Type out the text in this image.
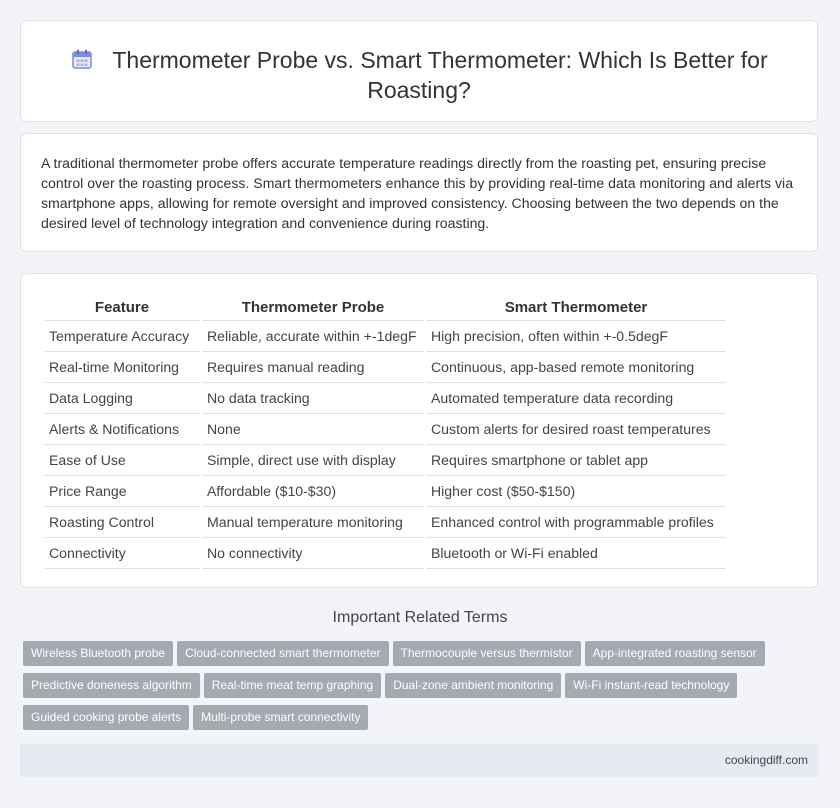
Thermometer Probe vs. Smart Thermometer: Which Is Better for Roasting?
A traditional thermometer probe offers accurate temperature readings directly from the roasting pet, ensuring precise control over the roasting process. Smart thermometers enhance this by providing real-time data monitoring and alerts via smartphone apps, allowing for remote oversight and improved consistency. Choosing between the two depends on the desired level of technology integration and convenience during roasting.
Feature	Thermometer Probe	Smart Thermometer
Temperature Accuracy	Reliable, accurate within +-1degF	High precision, often within +-0.5degF
Real-time Monitoring	Requires manual reading	Continuous, app-based remote monitoring
Data Logging	No data tracking	Automated temperature data recording
Alerts & Notifications	None	Custom alerts for desired roast temperatures
Ease of Use	Simple, direct use with display	Requires smartphone or tablet app
Price Range	Affordable ($10-$30)	Higher cost ($50-$150)
Roasting Control	Manual temperature monitoring	Enhanced control with programmable profiles
Connectivity	No connectivity	Bluetooth or Wi-Fi enabled
Important Related Terms
Wireless Bluetooth probe Cloud-connected smart thermometer Thermocouple versus thermistor App-integrated roasting sensor
Predictive doneness algorithm Real-time meat temp graphing Dual-zone ambient monitoring Wi-Fi instant-read technology
Guided cooking probe alerts Multi-probe smart connectivity
cookingdiff.com
